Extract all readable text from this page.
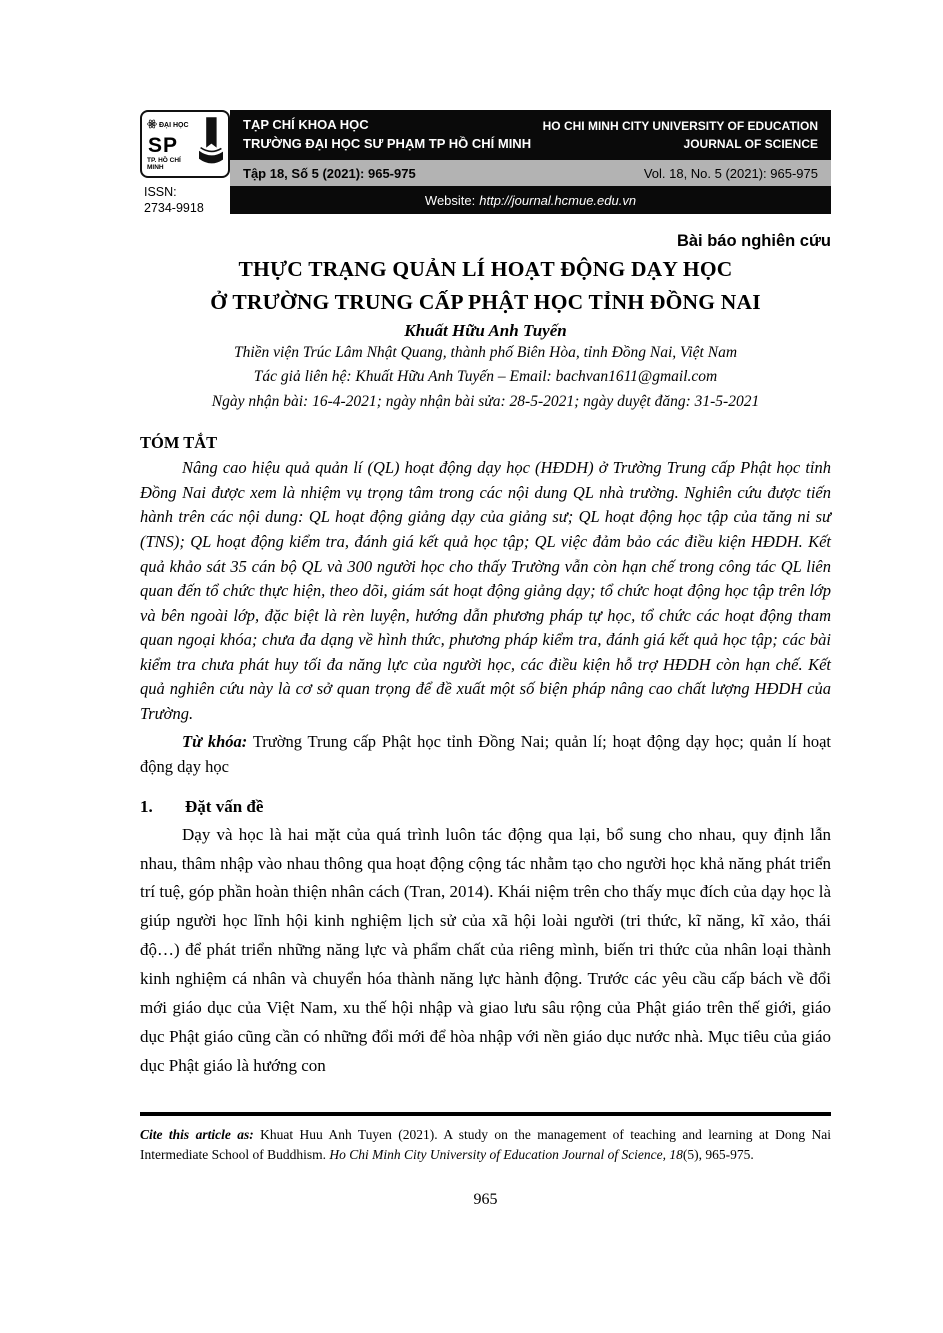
ĐẠI HỌC
SP
TP. HỒ CHÍ MINH
ISSN:
2734-9918
TẠP CHÍ KHOA HỌC
TRƯỜNG ĐẠI HỌC SƯ PHẠM TP HỒ CHÍ MINH
HO CHI MINH CITY UNIVERSITY OF EDUCATION
JOURNAL OF SCIENCE
Tập 18, Số 5 (2021): 965-975	Vol. 18, No. 5 (2021): 965-975
Website: http://journal.hcmue.edu.vn
Bài báo nghiên cứu
THỰC TRẠNG QUẢN LÍ HOẠT ĐỘNG DẠY HỌC
Ở TRƯỜNG TRUNG CẤP PHẬT HỌC TỈNH ĐỒNG NAI
Khuất Hữu Anh Tuyến
Thiền viện Trúc Lâm Nhật Quang, thành phố Biên Hòa, tỉnh Đồng Nai, Việt Nam
Tác giả liên hệ: Khuất Hữu Anh Tuyến – Email: bachvan1611@gmail.com
Ngày nhận bài: 16-4-2021; ngày nhận bài sửa: 28-5-2021; ngày duyệt đăng: 31-5-2021
TÓM TẮT

Nâng cao hiệu quả quản lí (QL) hoạt động dạy học (HĐDH) ở Trường Trung cấp Phật học tỉnh Đồng Nai được xem là nhiệm vụ trọng tâm trong các nội dung QL nhà trường. Nghiên cứu được tiến hành trên các nội dung: QL hoạt động giảng dạy của giảng sư; QL hoạt động học tập của tăng ni sư (TNS); QL hoạt động kiểm tra, đánh giá kết quả học tập; QL việc đảm bảo các điều kiện HĐDH. Kết quả khảo sát 35 cán bộ QL và 300 người học cho thấy Trường vẫn còn hạn chế trong công tác QL liên quan đến tổ chức thực hiện, theo dõi, giám sát hoạt động giảng dạy; tổ chức hoạt động học tập trên lớp và bên ngoài lớp, đặc biệt là rèn luyện, hướng dẫn phương pháp tự học, tổ chức các hoạt động tham quan ngoại khóa; chưa đa dạng về hình thức, phương pháp kiểm tra, đánh giá kết quả học tập; các bài kiểm tra chưa phát huy tối đa năng lực của người học, các điều kiện hỗ trợ HĐDH còn hạn chế. Kết quả nghiên cứu này là cơ sở quan trọng để đề xuất một số biện pháp nâng cao chất lượng HĐDH của Trường.

Từ khóa: Trường Trung cấp Phật học tỉnh Đồng Nai; quản lí; hoạt động dạy học; quản lí hoạt động dạy học

1. Đặt vấn đề

Dạy và học là hai mặt của quá trình luôn tác động qua lại, bổ sung cho nhau, quy định lẫn nhau, thâm nhập vào nhau thông qua hoạt động cộng tác nhằm tạo cho người học khả năng phát triển trí tuệ, góp phần hoàn thiện nhân cách (Tran, 2014). Khái niệm trên cho thấy mục đích của dạy học là giúp người học lĩnh hội kinh nghiệm lịch sử của xã hội loài người (tri thức, kĩ năng, kĩ xảo, thái độ…) để phát triển những năng lực và phẩm chất của riêng mình, biến tri thức của nhân loại thành kinh nghiệm cá nhân và chuyển hóa thành năng lực hành động. Trước các yêu cầu cấp bách về đổi mới giáo dục của Việt Nam, xu thế hội nhập và giao lưu sâu rộng của Phật giáo trên thế giới, giáo dục Phật giáo cũng cần có những đổi mới để hòa nhập với nền giáo dục nước nhà. Mục tiêu của giáo dục Phật giáo là hướng con

Cite this article as: Khuat Huu Anh Tuyen (2021). A study on the management of teaching and learning at Dong Nai Intermediate School of Buddhism. Ho Chi Minh City University of Education Journal of Science, 18(5), 965-975.

965
